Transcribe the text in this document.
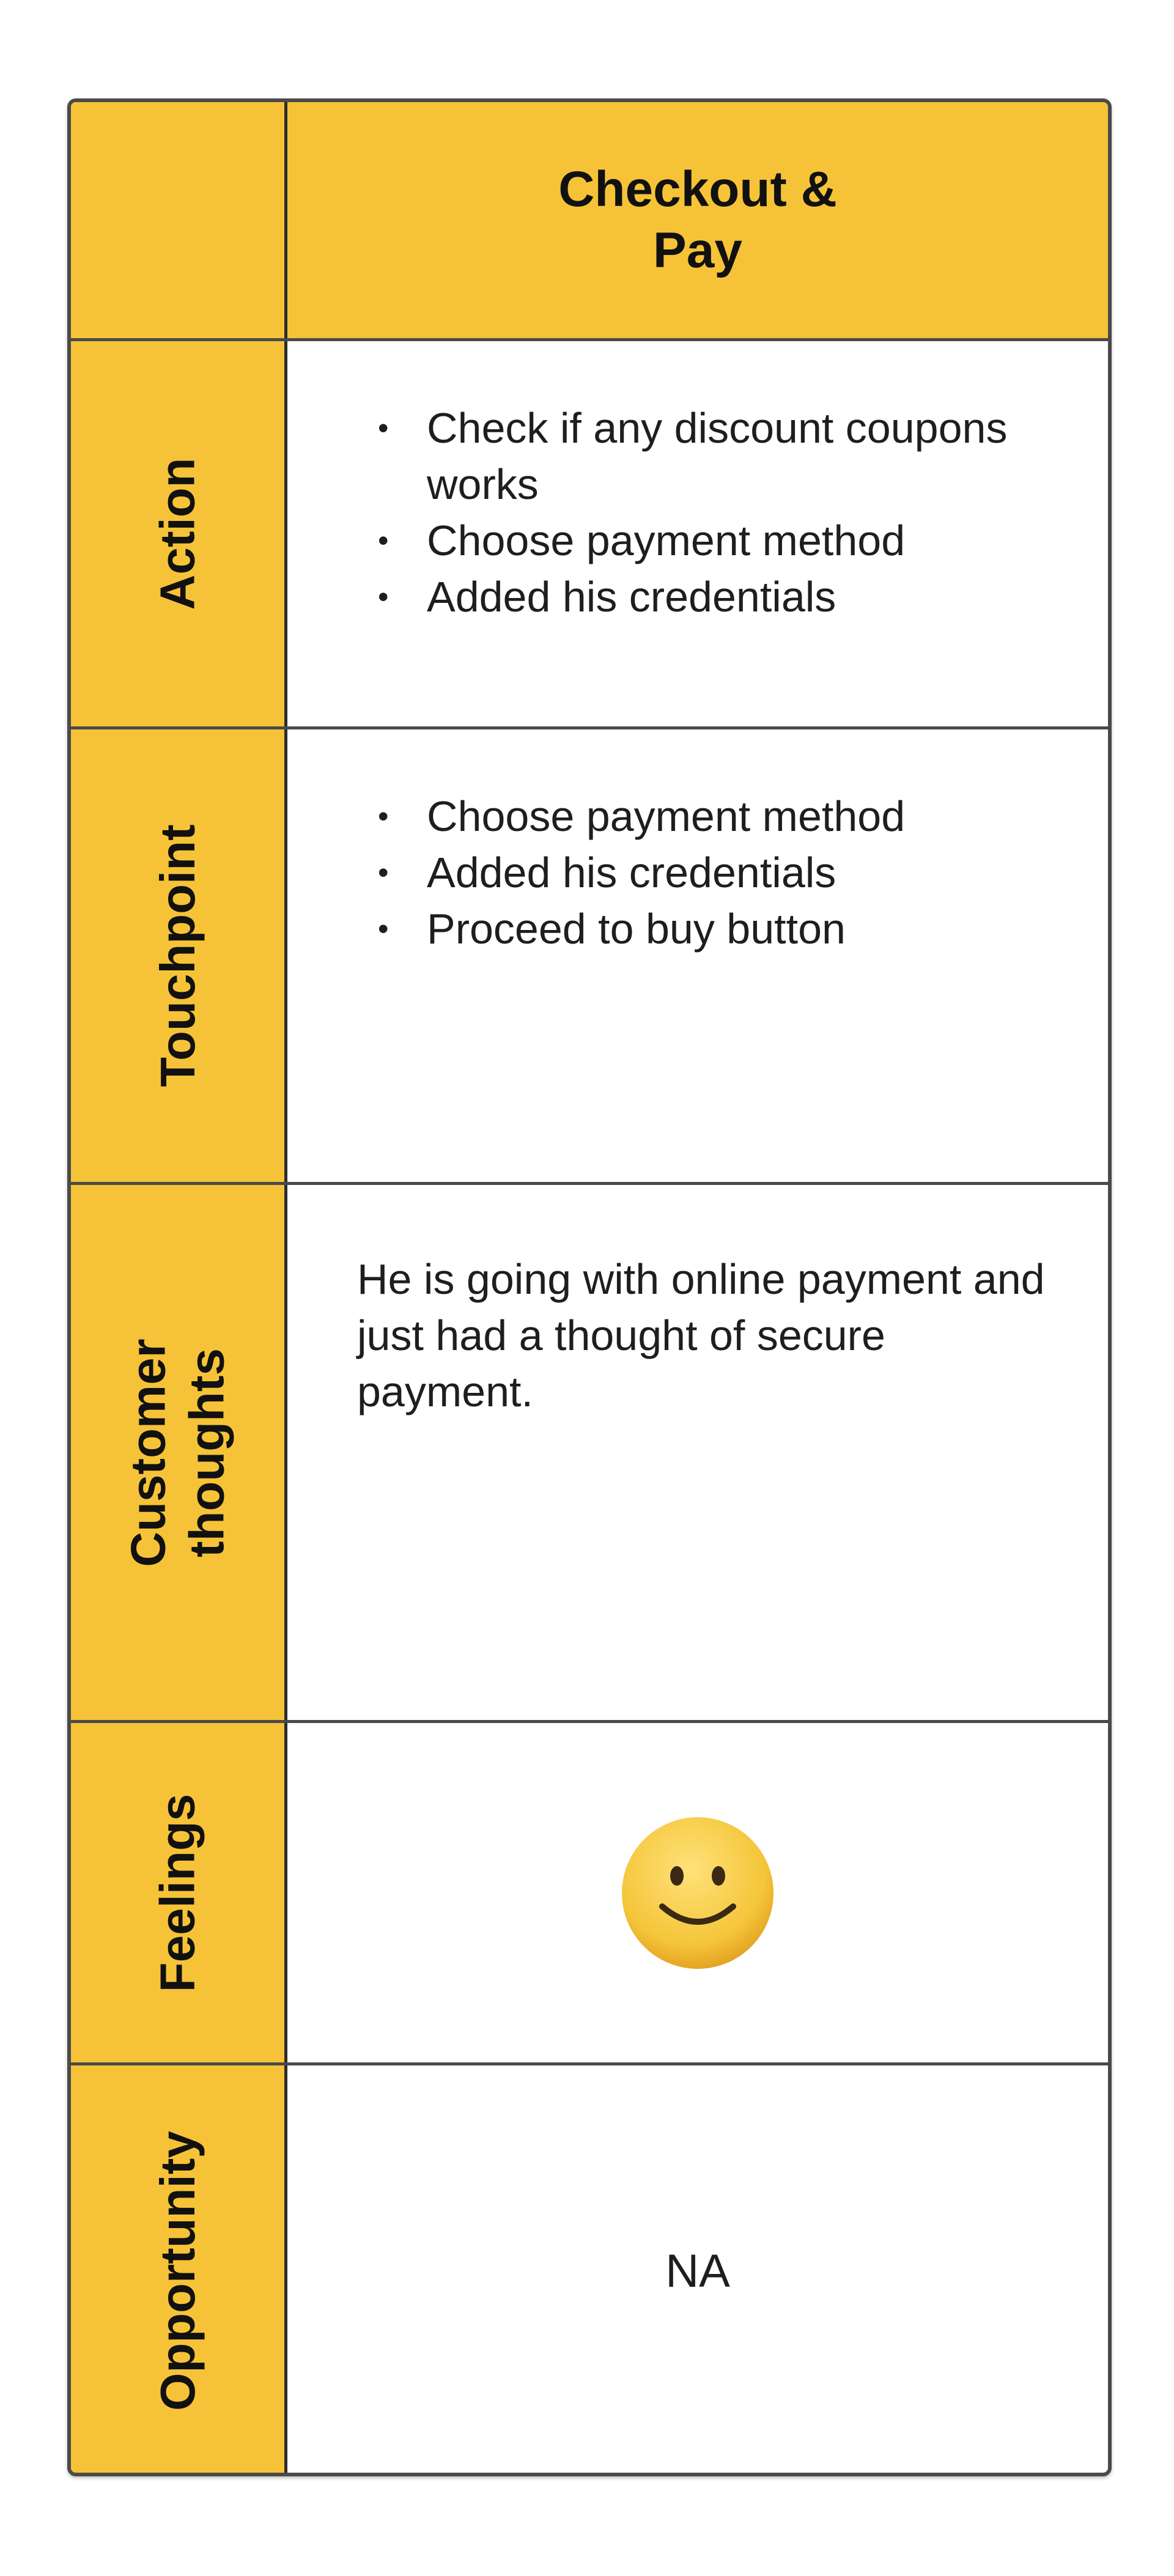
Checkout &
Pay
Action
• Check if any discount coupons works
• Choose payment method
• Added his credentials
Touchpoint
• Choose payment method
• Added his credentials
• Proceed to buy button
Customer
thoughts
He is going with online payment and just had a thought of secure payment.
Feelings
Opportunity	NA
